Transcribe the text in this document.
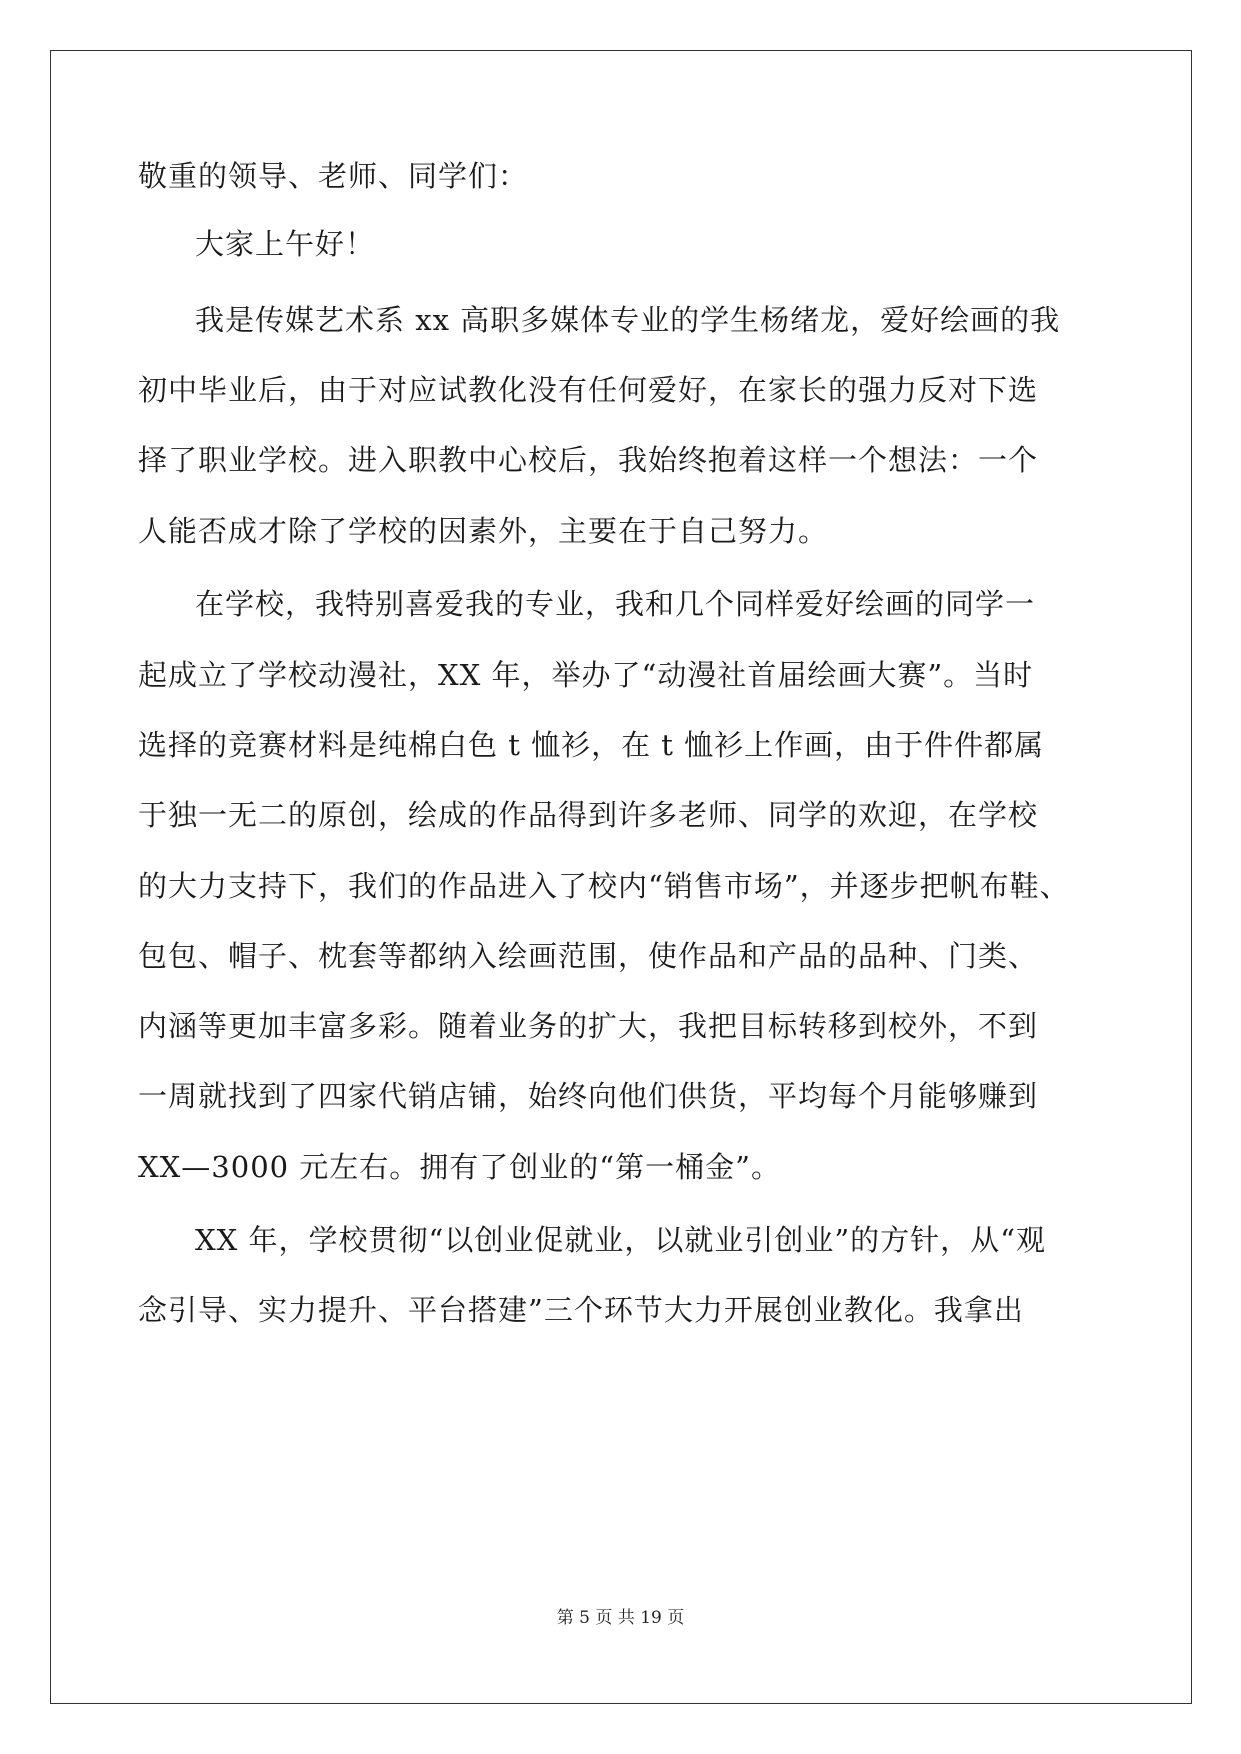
敬重的领导、老师、同学们：
大家上午好！
我是传媒艺术系 xx 高职多媒体专业的学生杨绪龙，爱好绘画的我
初中毕业后，由于对应试教化没有任何爱好，在家长的强力反对下选
择了职业学校。进入职教中心校后，我始终抱着这样一个想法：一个
人能否成才除了学校的因素外，主要在于自己努力。
在学校，我特别喜爱我的专业，我和几个同样爱好绘画的同学一
起成立了学校动漫社，XX 年，举办了“动漫社首届绘画大赛”。当时
选择的竞赛材料是纯棉白色 t 恤衫，在 t 恤衫上作画，由于件件都属
于独一无二的原创，绘成的作品得到许多老师、同学的欢迎，在学校
的大力支持下，我们的作品进入了校内“销售市场”，并逐步把帆布鞋、
包包、帽子、枕套等都纳入绘画范围，使作品和产品的品种、门类、
内涵等更加丰富多彩。随着业务的扩大，我把目标转移到校外，不到
一周就找到了四家代销店铺，始终向他们供货，平均每个月能够赚到
XX—3000 元左右。拥有了创业的“第一桶金”。
XX 年，学校贯彻“以创业促就业，以就业引创业”的方针，从“观
念引导、实力提升、平台搭建”三个环节大力开展创业教化。我拿出
第 5 页 共 19 页
